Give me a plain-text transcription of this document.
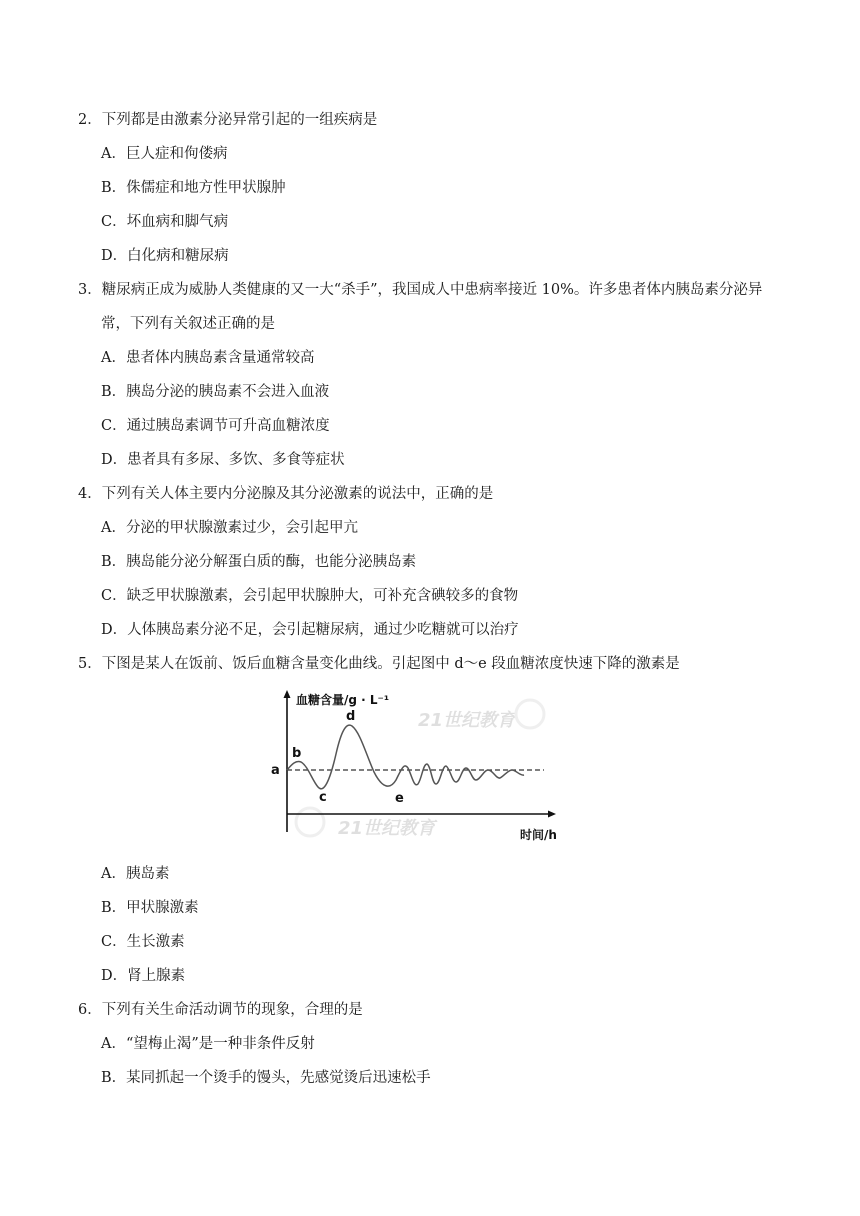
2．下列都是由激素分泌异常引起的一组疾病是
A．巨人症和佝偻病
B．侏儒症和地方性甲状腺肿
C．坏血病和脚气病
D．白化病和糖尿病
3．糖尿病正成为威胁人类健康的又一大“杀手”，我国成人中患病率接近 10%。许多患者体内胰岛素分泌异
常，下列有关叙述正确的是
A．患者体内胰岛素含量通常较高
B．胰岛分泌的胰岛素不会进入血液
C．通过胰岛素调节可升高血糖浓度
D．患者具有多尿、多饮、多食等症状
4．下列有关人体主要内分泌腺及其分泌激素的说法中，正确的是
A．分泌的甲状腺激素过少，会引起甲亢
B．胰岛能分泌分解蛋白质的酶，也能分泌胰岛素
C．缺乏甲状腺激素，会引起甲状腺肿大，可补充含碘较多的食物
D．人体胰岛素分泌不足，会引起糖尿病，通过少吃糖就可以治疗
5．下图是某人在饭前、饭后血糖含量变化曲线。引起图中 d～e 段血糖浓度快速下降的激素是
21世纪教育
21世纪教育
a
b
c
d
e
血糖含量/g · L⁻¹
时间/h
A．胰岛素
B．甲状腺激素
C．生长激素
D．肾上腺素
6．下列有关生命活动调节的现象，合理的是
A．“望梅止渴”是一种非条件反射
B．某同抓起一个烫手的馒头，先感觉烫后迅速松手
